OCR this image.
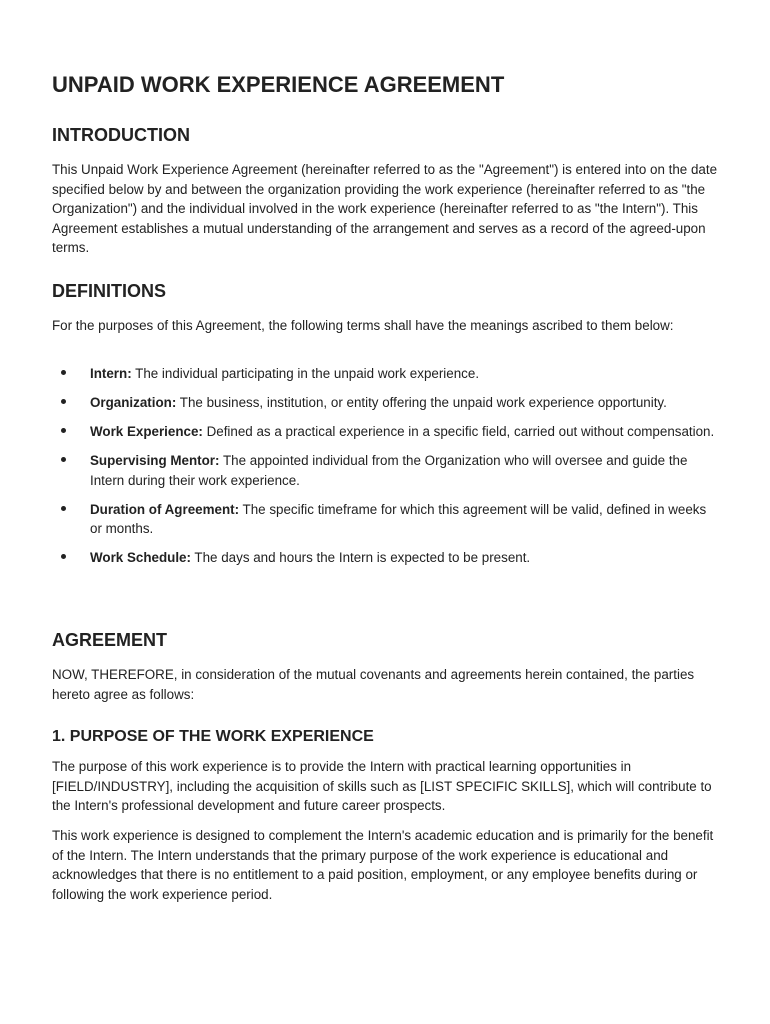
UNPAID WORK EXPERIENCE AGREEMENT
INTRODUCTION

This Unpaid Work Experience Agreement (hereinafter referred to as the "Agreement") is entered into on the date specified below by and between the organization providing the work experience (hereinafter referred to as "the Organization") and the individual involved in the work experience (hereinafter referred to as "the Intern"). This Agreement establishes a mutual understanding of the arrangement and serves as a record of the agreed-upon terms.

DEFINITIONS

For the purposes of this Agreement, the following terms shall have the meanings ascribed to them below:

Intern: The individual participating in the unpaid work experience.
Organization: The business, institution, or entity offering the unpaid work experience opportunity.
Work Experience: Defined as a practical experience in a specific field, carried out without compensation.
Supervising Mentor: The appointed individual from the Organization who will oversee and guide the Intern during their work experience.
Duration of Agreement: The specific timeframe for which this agreement will be valid, defined in weeks or months.
Work Schedule: The days and hours the Intern is expected to be present.
AGREEMENT

NOW, THEREFORE, in consideration of the mutual covenants and agreements herein contained, the parties hereto agree as follows:

1. PURPOSE OF THE WORK EXPERIENCE

The purpose of this work experience is to provide the Intern with practical learning opportunities in [FIELD/INDUSTRY], including the acquisition of skills such as [LIST SPECIFIC SKILLS], which will contribute to the Intern's professional development and future career prospects.

This work experience is designed to complement the Intern's academic education and is primarily for the benefit of the Intern. The Intern understands that the primary purpose of the work experience is educational and acknowledges that there is no entitlement to a paid position, employment, or any employee benefits during or following the work experience period.
